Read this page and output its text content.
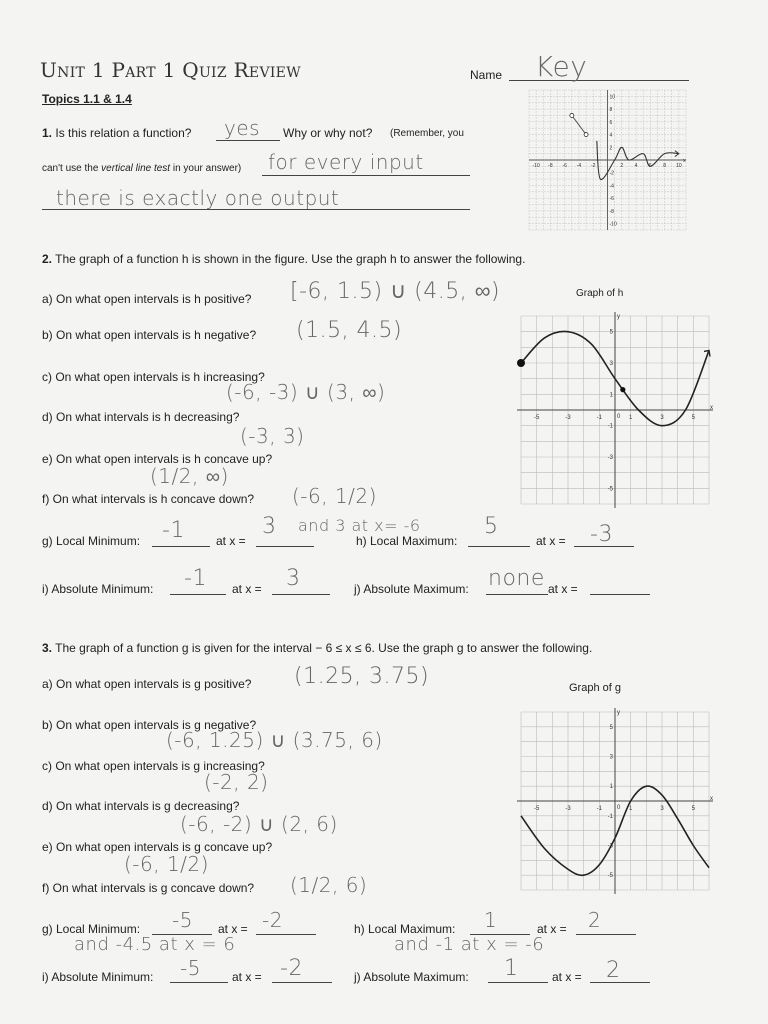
Unit 1 Part 1 Quiz Review	Name Key
Topics 1.1 & 1.4
1. Is this relation a function? yes Why or why not? (Remember, you
can't use the vertical line test in your answer) for every input
there is exactly one output
-10 -8 -6 -4 -2	2 4 6 8 10
10
8
6
4
2
-2
-4
-6
-8
-10
x
2. The graph of a function h is shown in the figure. Use the graph h to answer the following.
a) On what open intervals is h positive? [-6, 1.5) ∪ (4.5, ∞)
b) On what open intervals is h negative? (1.5, 4.5)
c) On what open intervals is h increasing?
(-6, -3) ∪ (3, ∞)
d) On what intervals is h decreasing?
(-3, 3)
e) On what open intervals is h concave up?
(1/2, ∞)
f) On what intervals is h concave down? (-6, 1/2)
g) Local Minimum: -1	at x =
3 and 3 at x= -6
h) Local Maximum:
5
at x = -3
i) Absolute Minimum: -1 at x = 3	j) Absolute Maximum: none at x =
Graph of h
-5	-3	-1	1	3	5
5
3
1
-1
-3
-5
0
x
y
3. The graph of a function g is given for the interval − 6 ≤ x ≤ 6. Use the graph g to answer the following.
a) On what open intervals is g positive? (1.25, 3.75)
b) On what open intervals is g negative?
(-6, 1.25) ∪ (3.75, 6)
c) On what open intervals is g increasing?
(-2, 2)
d) On what intervals is g decreasing?
(-6, -2) ∪ (2, 6)
e) On what open intervals is g concave up?
(-6, 1/2)
f) On what intervals is g concave down? (1/2, 6)
g) Local Minimum: -5 at x = -2
and -4.5 at x = 6
h) Local Maximum: 1	at x = 2
and -1 at x = -6
i) Absolute Minimum: -5	at x = -2	j) Absolute Maximum: 1	at x = 2
Graph of g
-5	-3	-1	1	3	5
5
3
1
-1
-3
-5
0
x
y
